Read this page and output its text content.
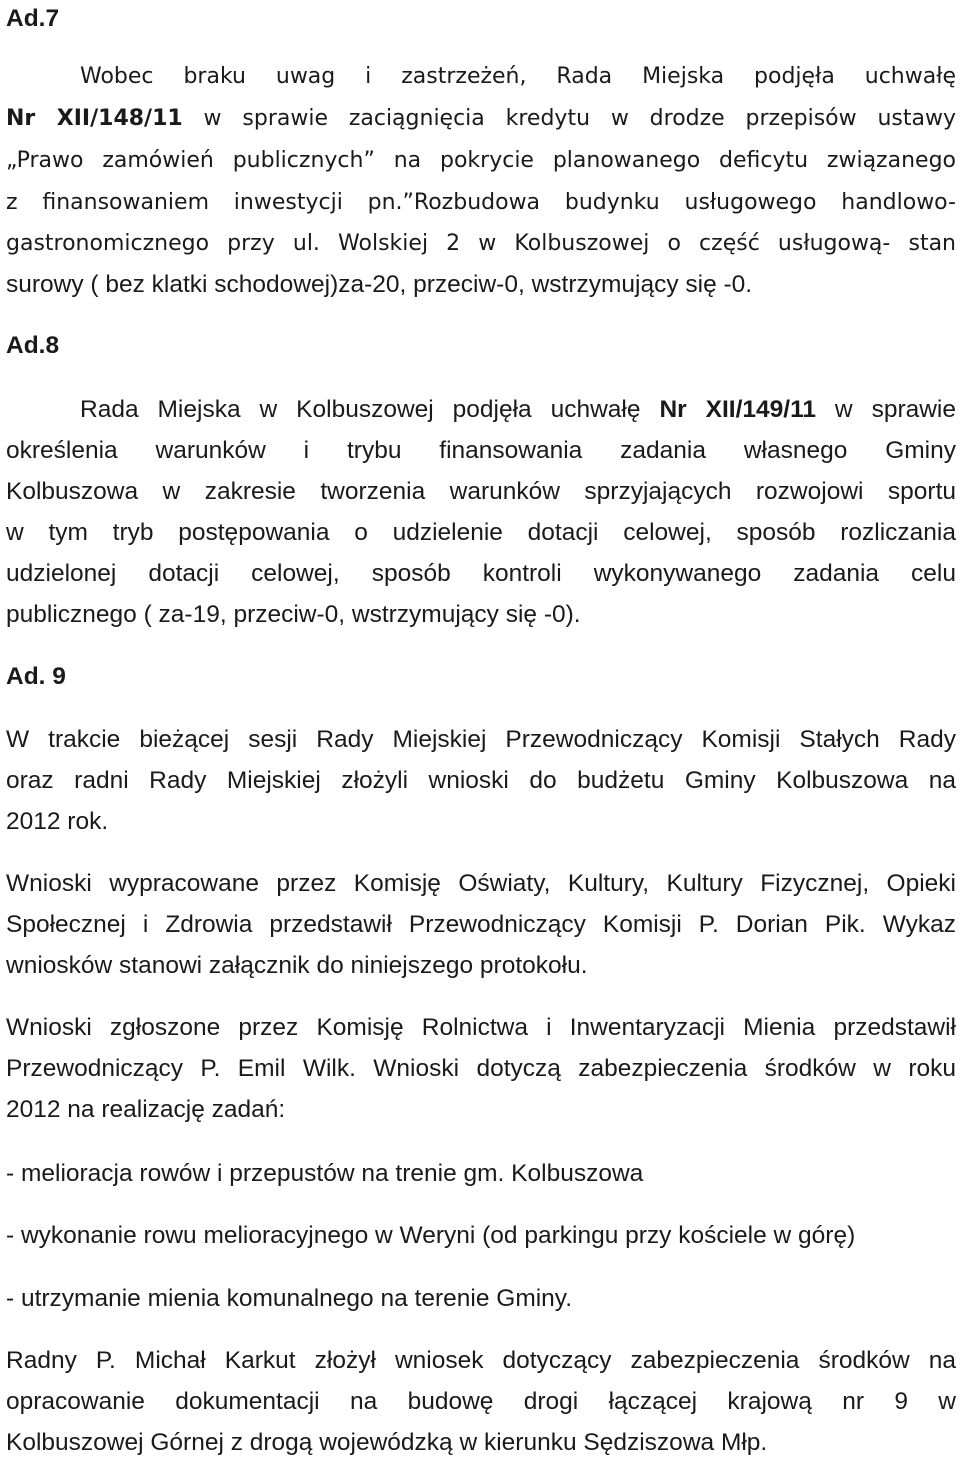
Ad.7
Wobec braku uwag i zastrzeżeń, Rada Miejska podjęła uchwałę
Nr XII/148/11 w sprawie zaciągnięcia kredytu w drodze przepisów ustawy
„Prawo zamówień publicznych” na pokrycie planowanego deficytu związanego
z finansowaniem inwestycji pn.”Rozbudowa budynku usługowego handlowo-
gastronomicznego przy ul. Wolskiej 2 w Kolbuszowej o część usługową- stan
surowy ( bez klatki schodowej)za-20, przeciw-0, wstrzymujący się -0.
Ad.8
Rada Miejska w Kolbuszowej podjęła uchwałę Nr XII/149/11 w sprawie
określenia warunków i trybu finansowania zadania własnego Gminy
Kolbuszowa w zakresie tworzenia warunków sprzyjających rozwojowi sportu
w tym tryb postępowania o udzielenie dotacji celowej, sposób rozliczania
udzielonej dotacji celowej, sposób kontroli wykonywanego zadania celu
publicznego ( za-19, przeciw-0, wstrzymujący się -0).
Ad. 9
W trakcie bieżącej sesji Rady Miejskiej Przewodniczący Komisji Stałych Rady
oraz radni Rady Miejskiej złożyli wnioski do budżetu Gminy Kolbuszowa na
2012 rok.
Wnioski wypracowane przez Komisję Oświaty, Kultury, Kultury Fizycznej, Opieki
Społecznej i Zdrowia przedstawił Przewodniczący Komisji P. Dorian Pik. Wykaz
wniosków stanowi załącznik do niniejszego protokołu.
Wnioski zgłoszone przez Komisję Rolnictwa i Inwentaryzacji Mienia przedstawił
Przewodniczący P. Emil Wilk. Wnioski dotyczą zabezpieczenia środków w roku
2012 na realizację zadań:
- melioracja rowów i przepustów na trenie gm. Kolbuszowa
- wykonanie rowu melioracyjnego w Weryni (od parkingu przy kościele w górę)
- utrzymanie mienia komunalnego na terenie Gminy.
Radny P. Michał Karkut złożył wniosek dotyczący zabezpieczenia środków na
opracowanie dokumentacji na budowę drogi łączącej krajową nr 9 w
Kolbuszowej Górnej z drogą wojewódzką w kierunku Sędziszowa Młp.
